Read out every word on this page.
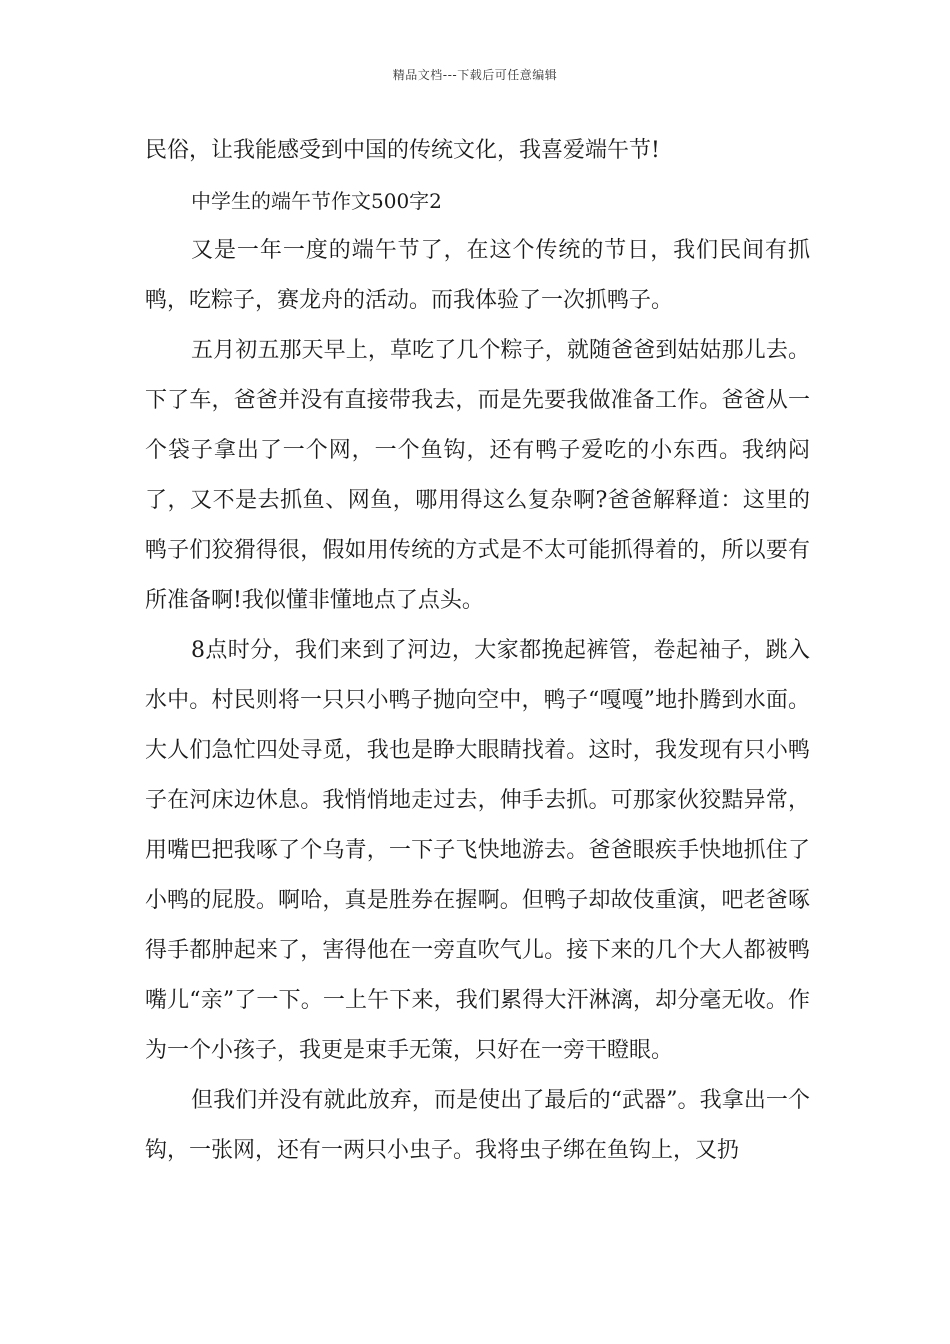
精品文档---下载后可任意编辑

民俗，让我能感受到中国的传统文化，我喜爱端午节!

中学生的端午节作文500字2

又是一年一度的端午节了，在这个传统的节日，我们民间有抓鸭，吃粽子，赛龙舟的活动。而我体验了一次抓鸭子。

五月初五那天早上，草吃了几个粽子，就随爸爸到姑姑那儿去。下了车，爸爸并没有直接带我去，而是先要我做准备工作。爸爸从一个袋子拿出了一个网，一个鱼钩，还有鸭子爱吃的小东西。我纳闷了，又不是去抓鱼、网鱼，哪用得这么复杂啊?爸爸解释道：这里的鸭子们狡猾得很，假如用传统的方式是不太可能抓得着的，所以要有所准备啊!我似懂非懂地点了点头。

8点时分，我们来到了河边，大家都挽起裤管，卷起袖子，跳入水中。村民则将一只只小鸭子抛向空中，鸭子“嘎嘎”地扑腾到水面。大人们急忙四处寻觅，我也是睁大眼睛找着。这时，我发现有只小鸭子在河床边休息。我悄悄地走过去，伸手去抓。可那家伙狡黠异常，用嘴巴把我啄了个乌青，一下子飞快地游去。爸爸眼疾手快地抓住了小鸭的屁股。啊哈，真是胜券在握啊。但鸭子却故伎重演，吧老爸啄得手都肿起来了，害得他在一旁直吹气儿。接下来的几个大人都被鸭嘴儿“亲”了一下。一上午下来，我们累得大汗淋漓，却分毫无收。作为一个小孩子，我更是束手无策，只好在一旁干瞪眼。

但我们并没有就此放弃，而是使出了最后的“武器”。我拿出一个钩，一张网，还有一两只小虫子。我将虫子绑在鱼钩上，又扔
